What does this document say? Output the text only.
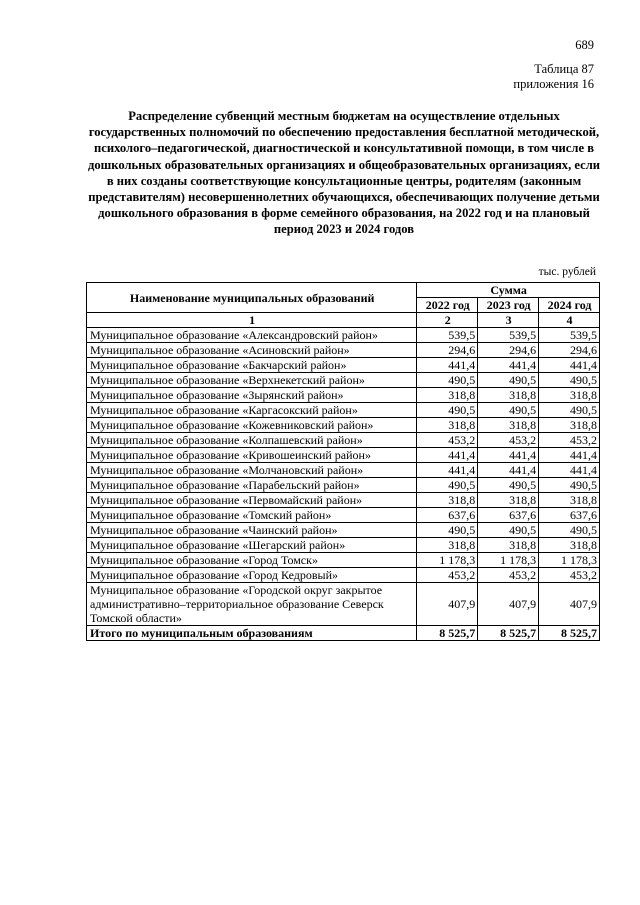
689
Таблица 87
приложения 16
Распределение субвенций местным бюджетам на осуществление отдельных государственных полномочий по обеспечению предоставления бесплатной методической, психолого–педагогической, диагностической и консультативной помощи, в том числе в дошкольных образовательных организациях и общеобразовательных организациях, если в них созданы соответствующие консультационные центры, родителям (законным представителям) несовершеннолетних обучающихся, обеспечивающих получение детьми дошкольного образования в форме семейного образования, на 2022 год и на плановый период 2023 и 2024 годов
тыс. рублей
Наименование муниципальных образований	Сумма		
	2022 год	2023 год	2024 год
1	2	3	4
Муниципальное образование «Александровский район»	539,5	539,5	539,5
Муниципальное образование «Асиновский район»	294,6	294,6	294,6
Муниципальное образование «Бакчарский район»	441,4	441,4	441,4
Муниципальное образование «Верхнекетский район»	490,5	490,5	490,5
Муниципальное образование «Зырянский район»	318,8	318,8	318,8
Муниципальное образование «Каргасокский район»	490,5	490,5	490,5
Муниципальное образование «Кожевниковский район»	318,8	318,8	318,8
Муниципальное образование «Колпашевский район»	453,2	453,2	453,2
Муниципальное образование «Кривошеинский район»	441,4	441,4	441,4
Муниципальное образование «Молчановский район»	441,4	441,4	441,4
Муниципальное образование «Парабельский район»	490,5	490,5	490,5
Муниципальное образование «Первомайский район»	318,8	318,8	318,8
Муниципальное образование «Томский район»	637,6	637,6	637,6
Муниципальное образование «Чаинский район»	490,5	490,5	490,5
Муниципальное образование «Шегарский район»	318,8	318,8	318,8
Муниципальное образование «Город Томск»	1 178,3	1 178,3	1 178,3
Муниципальное образование «Город Кедровый»	453,2	453,2	453,2
Муниципальное образование «Городской округ закрытое административно–территориальное образование Северск Томской области»	407,9	407,9	407,9
Итого по муниципальным образованиям	8 525,7	8 525,7	8 525,7
